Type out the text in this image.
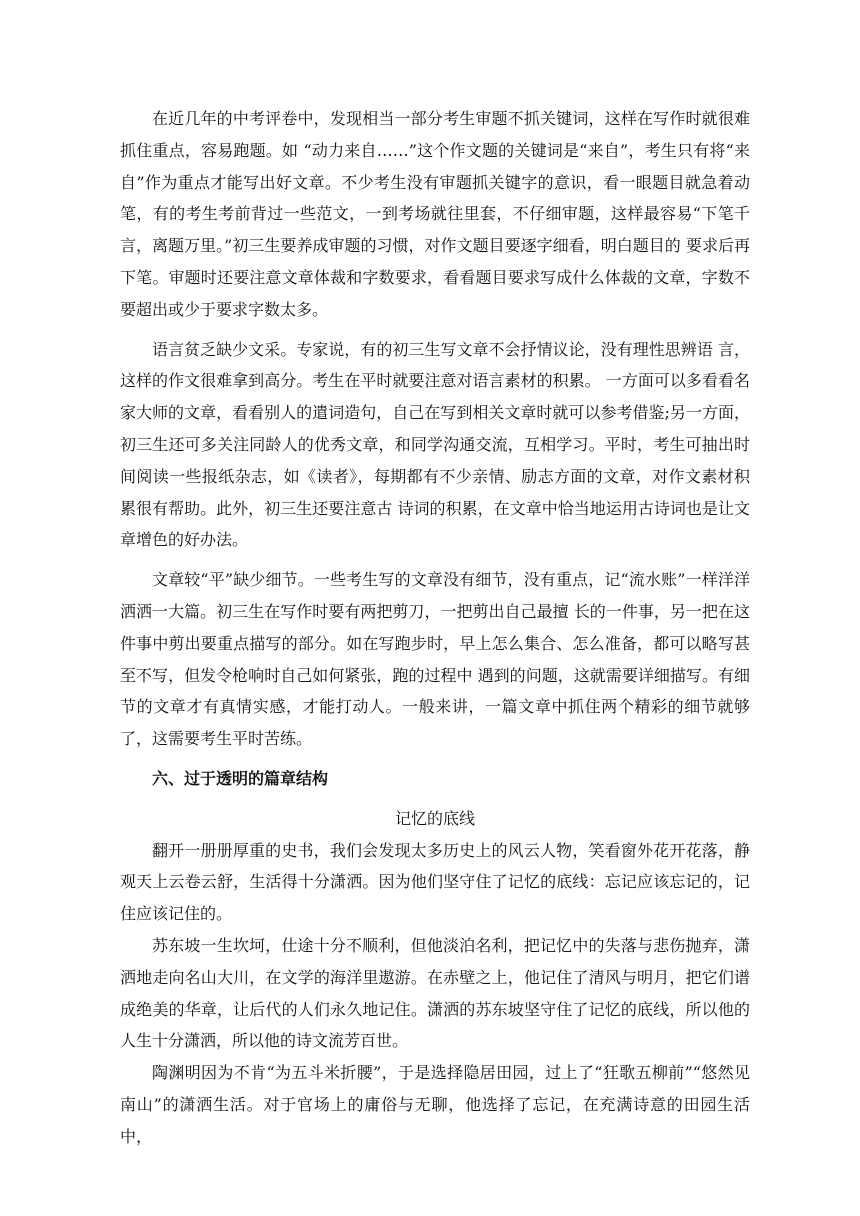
在近几年的中考评卷中，发现相当一部分考生审题不抓关键词，这样在写作时就很难抓住重点，容易跑题。如 “动力来自……”这个作文题的关键词是“来自”，考生只有将“来自”作为重点才能写出好文章。不少考生没有审题抓关键字的意识，看一眼题目就急着动笔，有的考生考前背过一些范文，一到考场就往里套，不仔细审题，这样最容易“下笔千言，离题万里。”初三生要养成审题的习惯，对作文题目要逐字细看，明白题目的 要求后再下笔。审题时还要注意文章体裁和字数要求，看看题目要求写成什么体裁的文章，字数不要超出或少于要求字数太多。

语言贫乏缺少文采。专家说，有的初三生写文章不会抒情议论，没有理性思辨语 言，这样的作文很难拿到高分。考生在平时就要注意对语言素材的积累。 一方面可以多看看名家大师的文章，看看别人的遣词造句，自己在写到相关文章时就可以参考借鉴;另一方面，初三生还可多关注同龄人的优秀文章，和同学沟通交流，互相学习。平时，考生可抽出时间阅读一些报纸杂志，如《读者》，每期都有不少亲情、励志方面的文章，对作文素材积累很有帮助。此外，初三生还要注意古 诗词的积累，在文章中恰当地运用古诗词也是让文章增色的好办法。

文章较“平”缺少细节。一些考生写的文章没有细节，没有重点，记“流水账”一样洋洋洒洒一大篇。初三生在写作时要有两把剪刀，一把剪出自己最擅 长的一件事，另一把在这件事中剪出要重点描写的部分。如在写跑步时，早上怎么集合、怎么准备，都可以略写甚至不写，但发令枪响时自己如何紧张，跑的过程中 遇到的问题，这就需要详细描写。有细节的文章才有真情实感，才能打动人。一般来讲，一篇文章中抓住两个精彩的细节就够了，这需要考生平时苦练。

六、过于透明的篇章结构

记忆的底线

翻开一册册厚重的史书，我们会发现太多历史上的风云人物，笑看窗外花开花落，静观天上云卷云舒，生活得十分潇洒。因为他们坚守住了记忆的底线：忘记应该忘记的，记住应该记住的。

苏东坡一生坎坷，仕途十分不顺利，但他淡泊名利，把记忆中的失落与悲伤抛弃，潇洒地走向名山大川，在文学的海洋里遨游。在赤壁之上，他记住了清风与明月，把它们谱成绝美的华章，让后代的人们永久地记住。潇洒的苏东坡坚守住了记忆的底线，所以他的人生十分潇洒，所以他的诗文流芳百世。

陶渊明因为不肯“为五斗米折腰”，于是选择隐居田园，过上了“狂歌五柳前”“悠然见南山”的潇洒生活。对于官场上的庸俗与无聊，他选择了忘记，在充满诗意的田园生活中，
